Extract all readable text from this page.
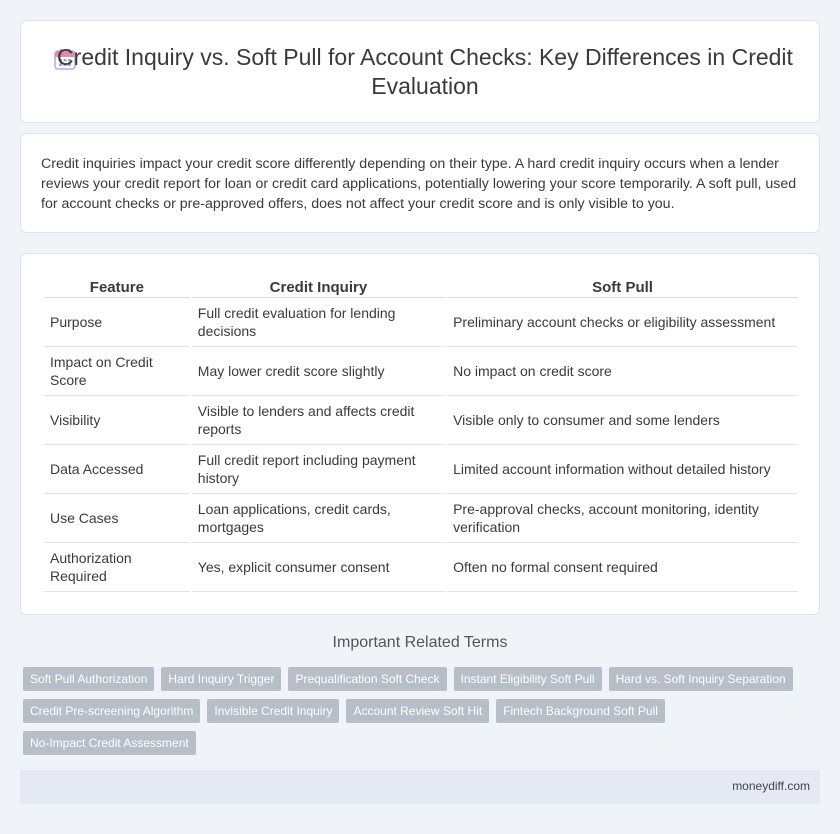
Credit Inquiry vs. Soft Pull for Account Checks: Key Differences in Credit Evaluation

Credit inquiries impact your credit score differently depending on their type. A hard credit inquiry occurs when a lender reviews your credit report for loan or credit card applications, potentially lowering your score temporarily. A soft pull, used for account checks or pre-approved offers, does not affect your credit score and is only visible to you.

Feature	Credit Inquiry	Soft Pull
Purpose	Full credit evaluation for lending decisions	Preliminary account checks or eligibility assessment
Impact on Credit Score	May lower credit score slightly	No impact on credit score
Visibility	Visible to lenders and affects credit reports	Visible only to consumer and some lenders
Data Accessed	Full credit report including payment history	Limited account information without detailed history
Use Cases	Loan applications, credit cards, mortgages	Pre-approval checks, account monitoring, identity verification
Authorization Required	Yes, explicit consumer consent	Often no formal consent required
Important Related Terms
Soft Pull Authorization	Hard Inquiry Trigger	Prequalification Soft Check	Instant Eligibility Soft Pull	Hard vs. Soft Inquiry Separation
Credit Pre-screening Algorithm	Invisible Credit Inquiry	Account Review Soft Hit	Fintech Background Soft Pull
No-Impact Credit Assessment
moneydiff.com
